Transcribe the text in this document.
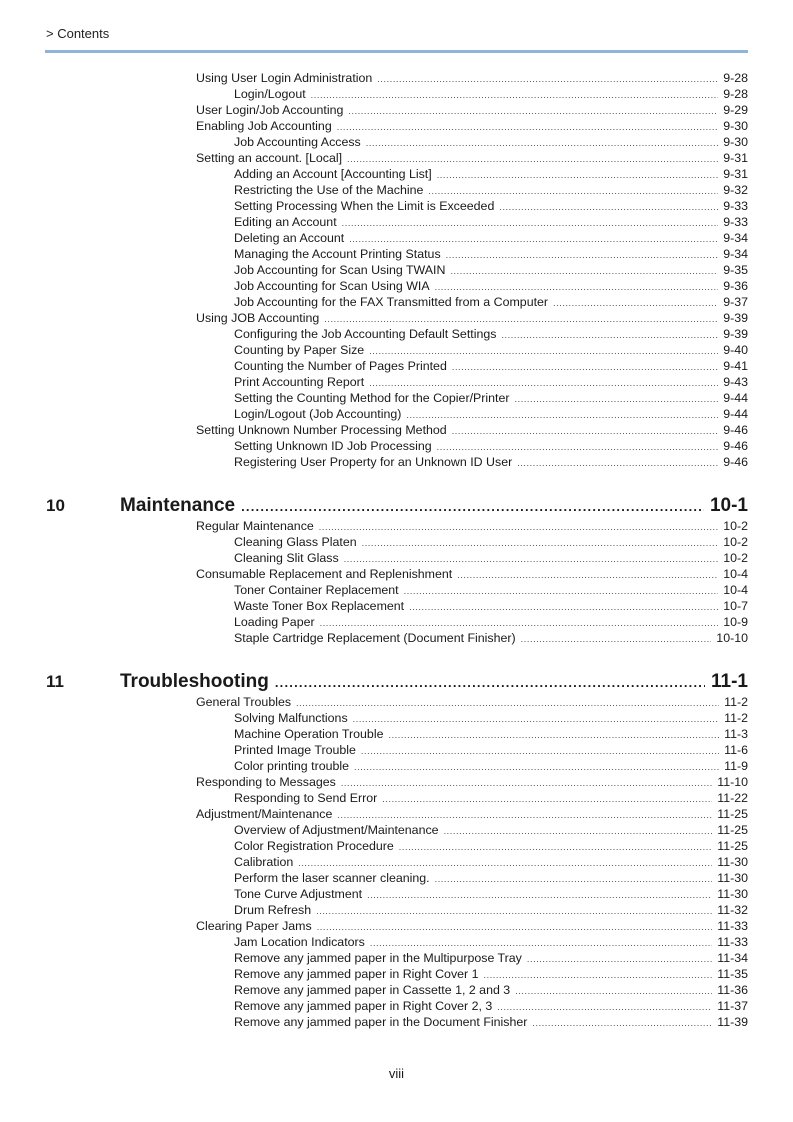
> Contents
Using User Login Administration .....	9-28
Login/Logout .....	9-28
User Login/Job Accounting .....	9-29
Enabling Job Accounting .....	9-30
Job Accounting Access .....	9-30
Setting an account. [Local] .....	9-31
Adding an Account [Accounting List] .....	9-31
Restricting the Use of the Machine .....	9-32
Setting Processing When the Limit is Exceeded .....	9-33
Editing an Account .....	9-33
Deleting an Account .....	9-34
Managing the Account Printing Status .....	9-34
Job Accounting for Scan Using TWAIN .....	9-35
Job Accounting for Scan Using WIA .....	9-36
Job Accounting for the FAX Transmitted from a Computer .....	9-37
Using JOB Accounting .....	9-39
Configuring the Job Accounting Default Settings .....	9-39
Counting by Paper Size .....	9-40
Counting the Number of Pages Printed .....	9-41
Print Accounting Report .....	9-43
Setting the Counting Method for the Copier/Printer .....	9-44
Login/Logout (Job Accounting) .....	9-44
Setting Unknown Number Processing Method .....	9-46
Setting Unknown ID Job Processing .....	9-46
Registering User Property for an Unknown ID User .....	9-46
10	Maintenance .....	10-1
Regular Maintenance .....	10-2
Cleaning Glass Platen .....	10-2
Cleaning Slit Glass .....	10-2
Consumable Replacement and Replenishment .....	10-4
Toner Container Replacement .....	10-4
Waste Toner Box Replacement .....	10-7
Loading Paper .....	10-9
Staple Cartridge Replacement (Document Finisher) .....	10-10
11	Troubleshooting .....	11-1
General Troubles .....	11-2
Solving Malfunctions .....	11-2
Machine Operation Trouble .....	11-3
Printed Image Trouble .....	11-6
Color printing trouble .....	11-9
Responding to Messages .....	11-10
Responding to Send Error .....	11-22
Adjustment/Maintenance .....	11-25
Overview of Adjustment/Maintenance .....	11-25
Color Registration Procedure .....	11-25
Calibration .....	11-30
Perform the laser scanner cleaning. .....	11-30
Tone Curve Adjustment .....	11-30
Drum Refresh .....	11-32
Clearing Paper Jams .....	11-33
Jam Location Indicators .....	11-33
Remove any jammed paper in the Multipurpose Tray .....	11-34
Remove any jammed paper in Right Cover 1 .....	11-35
Remove any jammed paper in Cassette 1, 2 and 3 .....	11-36
Remove any jammed paper in Right Cover 2, 3 .....	11-37
Remove any jammed paper in the Document Finisher .....	11-39
viii
